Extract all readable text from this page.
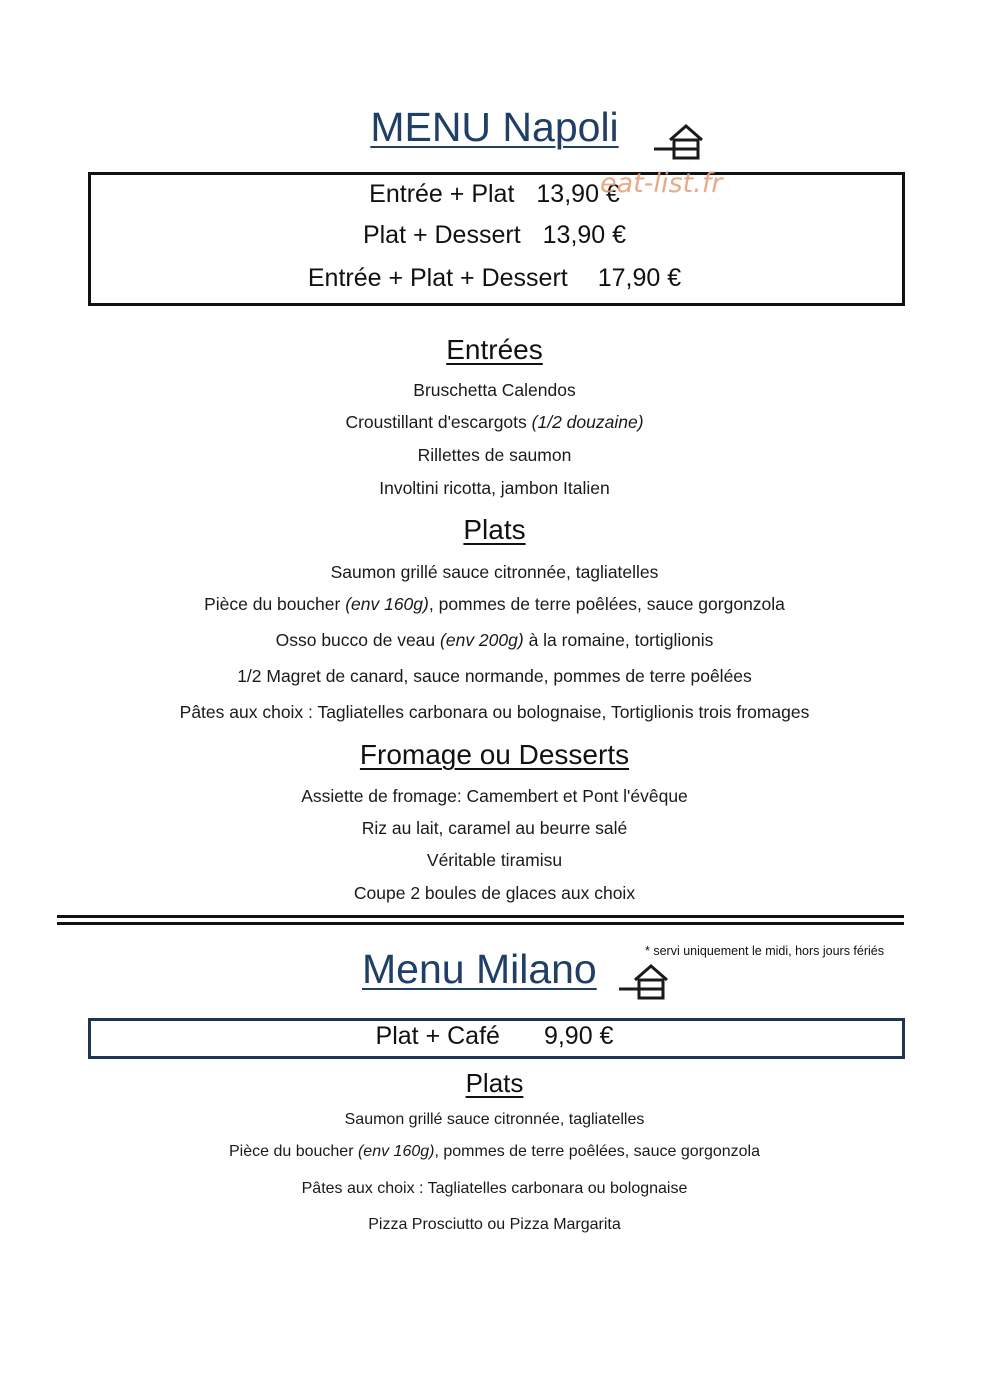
MENU Napoli
Entrée + Plat 13,90 €
Plat + Dessert 13,90 €
Entrée + Plat + Dessert 17,90 €
eat-list.fr
Entrées
Bruschetta Calendos
Croustillant d'escargots (1/2 douzaine)
Rillettes de saumon
Involtini ricotta, jambon Italien
Plats
Saumon grillé sauce citronnée, tagliatelles
Pièce du boucher (env 160g), pommes de terre poêlées, sauce gorgonzola
Osso bucco de veau (env 200g) à la romaine, tortiglionis
1/2 Magret de canard, sauce normande, pommes de terre poêlées
Pâtes aux choix : Tagliatelles carbonara ou bolognaise, Tortiglionis trois fromages
Fromage ou Desserts
Assiette de fromage: Camembert et Pont l'évêque
Riz au lait, caramel au beurre salé
Véritable tiramisu
Coupe 2 boules de glaces aux choix
* servi uniquement le midi, hors jours fériés
Menu Milano
Plat + Café 9,90 €
Plats
Saumon grillé sauce citronnée, tagliatelles
Pièce du boucher (env 160g), pommes de terre poêlées, sauce gorgonzola
Pâtes aux choix : Tagliatelles carbonara ou bolognaise
Pizza Prosciutto ou Pizza Margarita
